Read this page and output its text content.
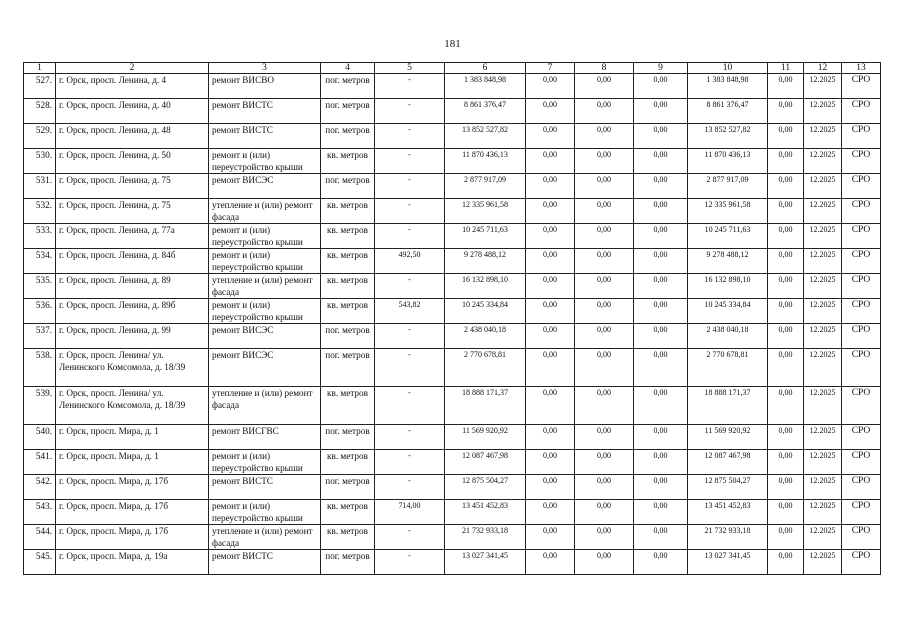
181
1	2	3	4	5	6	7	8	9	10	11	12	13
527.	г. Орск, просп. Ленина, д. 4	ремонт ВИСВО	пог. метров	-	1 383 848,98	0,00	0,00	0,00	1 383 848,98	0,00	12.2025	СРО
528.	г. Орск, просп. Ленина, д. 40	ремонт ВИСТС	пог. метров	-	8 861 376,47	0,00	0,00	0,00	8 861 376,47	0,00	12.2025	СРО
529.	г. Орск, просп. Ленина, д. 48	ремонт ВИСТС	пог. метров	-	13 852 527,82	0,00	0,00	0,00	13 852 527,82	0,00	12.2025	СРО
530.	г. Орск, просп. Ленина, д. 50	ремонт и (или) переустройство крыши	кв. метров	-	11 870 436,13	0,00	0,00	0,00	11 870 436,13	0,00	12.2025	СРО
531.	г. Орск, просп. Ленина, д. 75	ремонт ВИСЭС	пог. метров	-	2 877 917,09	0,00	0,00	0,00	2 877 917,09	0,00	12.2025	СРО
532.	г. Орск, просп. Ленина, д. 75	утепление и (или) ремонт фасада	кв. метров	-	12 335 961,58	0,00	0,00	0,00	12 335 961,58	0,00	12.2025	СРО
533.	г. Орск, просп. Ленина, д. 77а	ремонт и (или) переустройство крыши	кв. метров	-	10 245 711,63	0,00	0,00	0,00	10 245 711,63	0,00	12.2025	СРО
534.	г. Орск, просп. Ленина, д. 84б	ремонт и (или) переустройство крыши	кв. метров	492,50	9 278 488,12	0,00	0,00	0,00	9 278 488,12	0,00	12.2025	СРО
535.	г. Орск, просп. Ленина, д. 89	утепление и (или) ремонт фасада	кв. метров	-	16 132 898,10	0,00	0,00	0,00	16 132 898,10	0,00	12.2025	СРО
536.	г. Орск, просп. Ленина, д. 89б	ремонт и (или) переустройство крыши	кв. метров	543,82	10 245 334,84	0,00	0,00	0,00	10 245 334,84	0,00	12.2025	СРО
537.	г. Орск, просп. Ленина, д. 99	ремонт ВИСЭС	пог. метров	-	2 438 040,18	0,00	0,00	0,00	2 438 040,18	0,00	12.2025	СРО
538.	г. Орск, просп. Ленина/ ул. Ленинского Комсомола, д. 18/39	ремонт ВИСЭС	пог. метров	-	2 770 678,81	0,00	0,00	0,00	2 770 678,81	0,00	12.2025	СРО
539.	г. Орск, просп. Ленина/ ул. Ленинского Комсомола, д. 18/39	утепление и (или) ремонт фасада	кв. метров	-	18 888 171,37	0,00	0,00	0,00	18 888 171,37	0,00	12.2025	СРО
540.	г. Орск, просп. Мира, д. 1	ремонт ВИСГВС	пог. метров	-	11 569 920,92	0,00	0,00	0,00	11 569 920,92	0,00	12.2025	СРО
541.	г. Орск, просп. Мира, д. 1	ремонт и (или) переустройство крыши	кв. метров	-	12 087 467,98	0,00	0,00	0,00	12 087 467,98	0,00	12.2025	СРО
542.	г. Орск, просп. Мира, д. 17б	ремонт ВИСТС	пог. метров	-	12 875 504,27	0,00	0,00	0,00	12 875 504,27	0,00	12.2025	СРО
543.	г. Орск, просп. Мира, д. 17б	ремонт и (или) переустройство крыши	кв. метров	714,00	13 451 452,83	0,00	0,00	0,00	13 451 452,83	0,00	12.2025	СРО
544.	г. Орск, просп. Мира, д. 17б	утепление и (или) ремонт фасада	кв. метров	-	21 732 933,18	0,00	0,00	0,00	21 732 933,18	0,00	12.2025	СРО
545.	г. Орск, просп. Мира, д. 19а	ремонт ВИСТС	пог. метров	-	13 027 341,45	0,00	0,00	0,00	13 027 341,45	0,00	12.2025	СРО
